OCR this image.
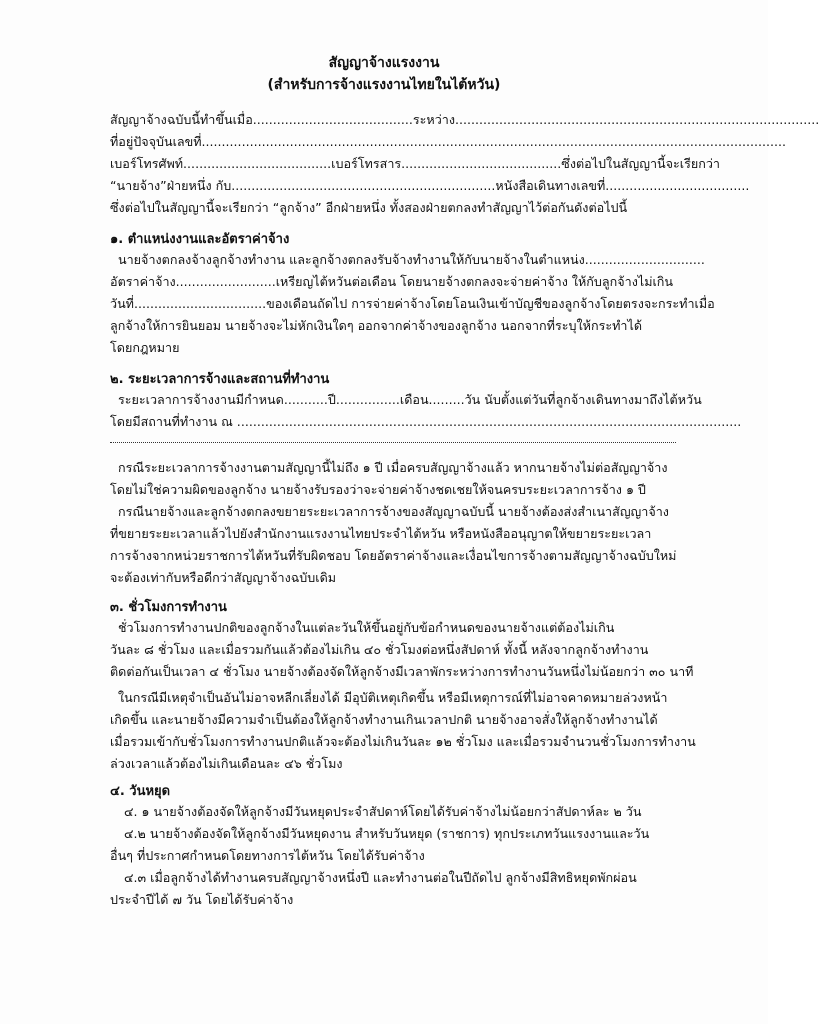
สัญญาจ้างแรงงาน
(สำหรับการจ้างแรงงานไทยในไต้หวัน)
สัญญาจ้างฉบับนี้ทำขึ้นเมื่อ........................................ระหว่าง...........................................................................................
ที่อยู่ปัจจุบันเลขที่..................................................................................................................................................
เบอร์โทรศัพท์.....................................เบอร์โทรสาร........................................ซึ่งต่อไปในสัญญานี้จะเรียกว่า
“นายจ้าง”ฝ่ายหนึ่ง กับ..................................................................หนังสือเดินทางเลขที่....................................
ซึ่งต่อไปในสัญญานี้จะเรียกว่า “ลูกจ้าง” อีกฝ่ายหนึ่ง ทั้งสองฝ่ายตกลงทำสัญญาไว้ต่อกันดังต่อไปนี้
๑. ตำแหน่งงานและอัตราค่าจ้าง
นายจ้างตกลงจ้างลูกจ้างทำงาน และลูกจ้างตกลงรับจ้างทำงานให้กับนายจ้างในตำแหน่ง..............................
อัตราค่าจ้าง.........................เหรียญไต้หวันต่อเดือน โดยนายจ้างตกลงจะจ่ายค่าจ้าง ให้กับลูกจ้างไม่เกิน
วันที่.................................ของเดือนถัดไป การจ่ายค่าจ้างโดยโอนเงินเข้าบัญชีของลูกจ้างโดยตรงจะกระทำเมื่อ
ลูกจ้างให้การยินยอม นายจ้างจะไม่หักเงินใดๆ ออกจากค่าจ้างของลูกจ้าง นอกจากที่ระบุให้กระทำได้
โดยกฎหมาย
๒. ระยะเวลาการจ้างและสถานที่ทำงาน
ระยะเวลาการจ้างงานมีกำหนด...........ปี................เดือน.........วัน นับตั้งแต่วันที่ลูกจ้างเดินทางมาถึงไต้หวัน
โดยมีสถานที่ทำงาน ณ ..............................................................................................................................
กรณีระยะเวลาการจ้างงานตามสัญญานี้ไม่ถึง ๑ ปี เมื่อครบสัญญาจ้างแล้ว หากนายจ้างไม่ต่อสัญญาจ้าง
โดยไม่ใช่ความผิดของลูกจ้าง นายจ้างรับรองว่าจะจ่ายค่าจ้างชดเชยให้จนครบระยะเวลาการจ้าง ๑ ปี
กรณีนายจ้างและลูกจ้างตกลงขยายระยะเวลาการจ้างของสัญญาฉบับนี้ นายจ้างต้องส่งสำเนาสัญญาจ้าง
ที่ขยายระยะเวลาแล้วไปยังสำนักงานแรงงานไทยประจำไต้หวัน หรือหนังสืออนุญาตให้ขยายระยะเวลา
การจ้างจากหน่วยราชการไต้หวันที่รับผิดชอบ โดยอัตราค่าจ้างและเงื่อนไขการจ้างตามสัญญาจ้างฉบับใหม่
จะต้องเท่ากับหรือดีกว่าสัญญาจ้างฉบับเดิม
๓. ชั่วโมงการทำงาน
ชั่วโมงการทำงานปกติของลูกจ้างในแต่ละวันให้ขึ้นอยู่กับข้อกำหนดของนายจ้างแต่ต้องไม่เกิน
วันละ ๘ ชั่วโมง และเมื่อรวมกันแล้วต้องไม่เกิน ๔๐ ชั่วโมงต่อหนึ่งสัปดาห์ ทั้งนี้ หลังจากลูกจ้างทำงาน
ติดต่อกันเป็นเวลา ๔ ชั่วโมง นายจ้างต้องจัดให้ลูกจ้างมีเวลาพักระหว่างการทำงานวันหนึ่งไม่น้อยกว่า ๓๐ นาที
ในกรณีมีเหตุจำเป็นอันไม่อาจหลีกเลี่ยงได้ มีอุบัติเหตุเกิดขึ้น หรือมีเหตุการณ์ที่ไม่อาจคาดหมายล่วงหน้า
เกิดขึ้น และนายจ้างมีความจำเป็นต้องให้ลูกจ้างทำงานเกินเวลาปกติ นายจ้างอาจสั่งให้ลูกจ้างทำงานได้
เมื่อรวมเข้ากับชั่วโมงการทำงานปกติแล้วจะต้องไม่เกินวันละ ๑๒ ชั่วโมง และเมื่อรวมจำนวนชั่วโมงการทำงาน
ล่วงเวลาแล้วต้องไม่เกินเดือนละ ๔๖ ชั่วโมง
๔. วันหยุด
๔. ๑ นายจ้างต้องจัดให้ลูกจ้างมีวันหยุดประจำสัปดาห์โดยได้รับค่าจ้างไม่น้อยกว่าสัปดาห์ละ ๒ วัน
๔.๒ นายจ้างต้องจัดให้ลูกจ้างมีวันหยุดงาน สำหรับวันหยุด (ราชการ) ทุกประเภทวันแรงงานและวัน
อื่นๆ ที่ประกาศกำหนดโดยทางการไต้หวัน โดยได้รับค่าจ้าง
๔.๓ เมื่อลูกจ้างได้ทำงานครบสัญญาจ้างหนึ่งปี และทำงานต่อในปีถัดไป ลูกจ้างมีสิทธิหยุดพักผ่อน
ประจำปีได้ ๗ วัน โดยได้รับค่าจ้าง
